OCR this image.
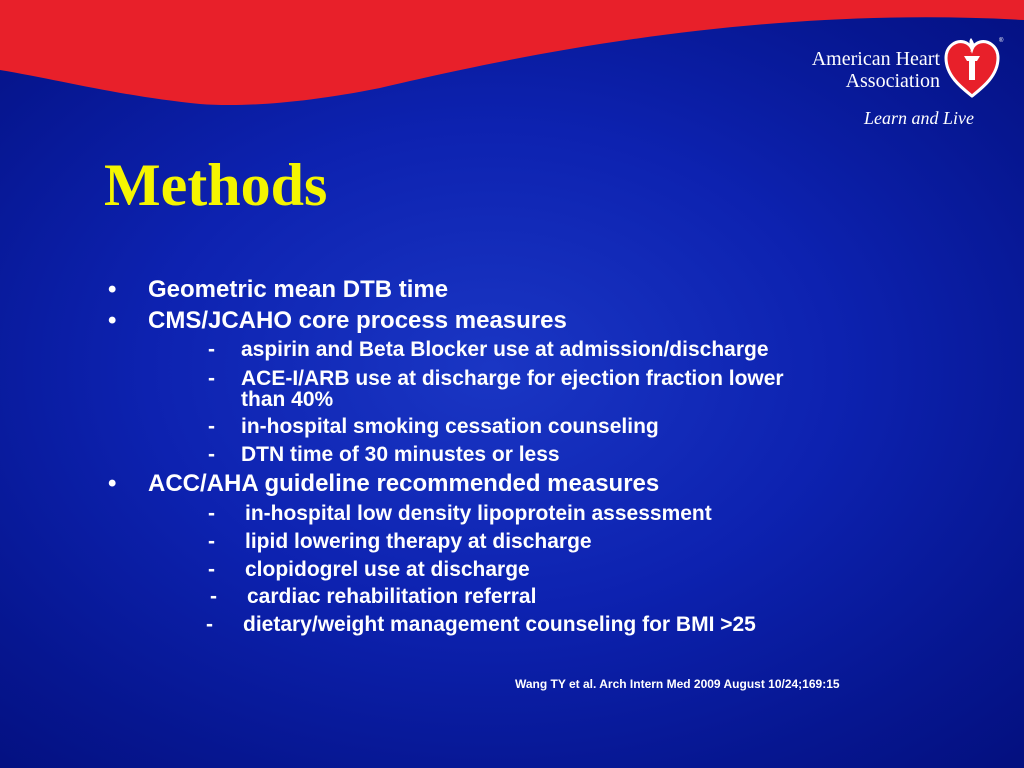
American Heart
Association
®
Learn and Live
Methods
• Geometric mean DTB time
• CMS/JCAHO core process measures
- aspirin and Beta Blocker use at admission/discharge
- ACE-I/ARB use at discharge for ejection fraction lower
than 40%
- in-hospital smoking cessation counseling
- DTN time of 30 minustes or less
• ACC/AHA guideline recommended measures
- in-hospital low density lipoprotein assessment
- lipid lowering therapy at discharge
- clopidogrel use at discharge
- cardiac rehabilitation referral
- dietary/weight management counseling for BMI >25
Wang TY et al. Arch Intern Med 2009 August 10/24;169:15
